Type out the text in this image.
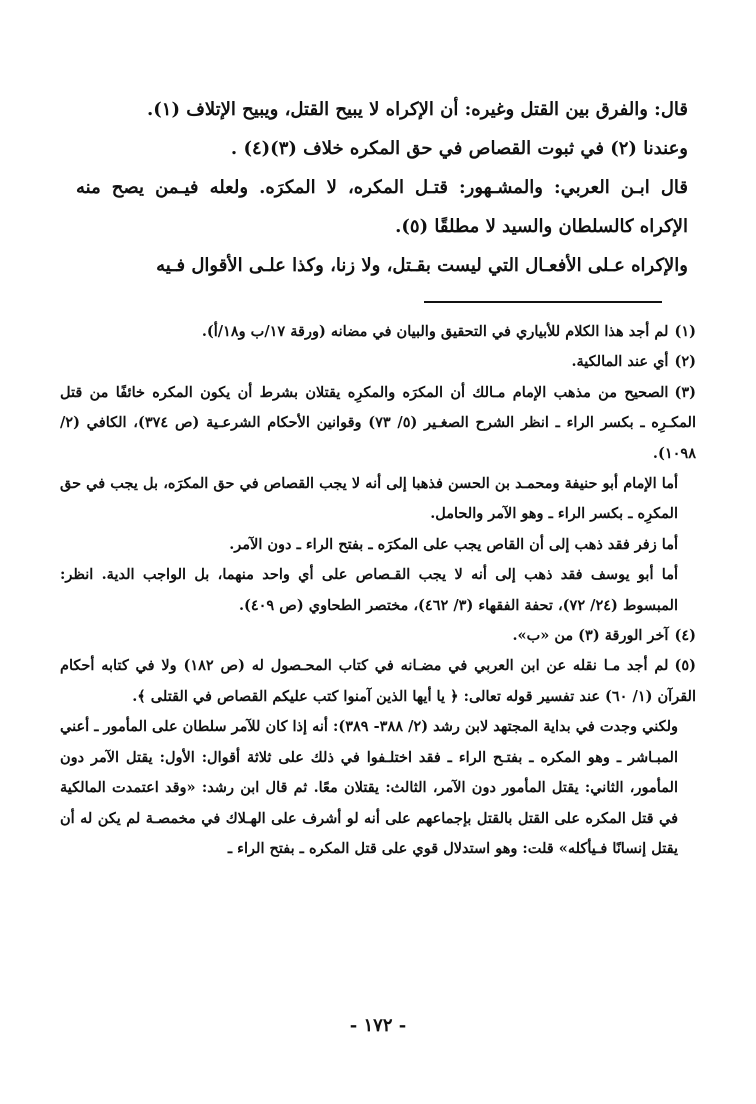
قال: والفرق بين القتل وغيره: أن الإكراه لا يبيح القتل، ويبيح الإتلاف (١).

وعندنا (٢) في ثبوت القصاص في حق المكره خلاف (٣)(٤) .

قال ابـن العربي: والمشـهور: قتـل المكره، لا المكرَه. ولعله فيـمن يصح منه الإكراه كالسلطان والسيد لا مطلقًا (٥).

والإكراه عـلى الأفعـال التي ليست بقـتل، ولا زنا، وكذا علـى الأقوال فـيه

(١)لم أجد هذا الكلام للأبياري في التحقيق والبيان في مضانه (ورقة ١٧/ب و١٨/أ).

(٢)أي عند المالكية.

(٣)الصحيح من مذهب الإمام مـالك أن المكرَه والمكرِه يقتلان بشرط أن يكون المكره خائفًا من قتل المكـرِه ـ بكسر الراء ـ انظر الشرح الصغـير (٥/ ٧٣) وقوانين الأحكام الشرعـية (ص ٣٧٤)، الكافي (٢/ ١٠٩٨).

أما الإمام أبو حنيفة ومحمـد بن الحسن فذهبا إلى أنه لا يجب القصاص في حق المكرَه، بل يجب في حق المكرِه ـ بكسر الراء ـ وهو الآمر والحامل.

أما زفر فقد ذهب إلى أن القاص يجب على المكرَه ـ بفتح الراء ـ دون الآمر.

أما أبو يوسف فقد ذهب إلى أنه لا يجب القـصاص على أي واحد منهما، بل الواجب الدية. انظر: المبسوط (٢٤/ ٧٢)، تحفة الفقهاء (٣/ ٤٦٢)، مختصر الطحاوي (ص ٤٠٩).

(٤)آخر الورقة (٣) من «ب».

(٥)لم أجد مـا نقله عن ابن العربي في مضـانه في كتاب المحـصول له (ص ١٨٢) ولا في كتابه أحكام القرآن (١/ ٦٠) عند تفسير قوله تعالى: ﴿ يا أيها الذين آمنوا كتب عليكم القصاص في القتلى ﴾.

ولكني وجدت في بداية المجتهد لابن رشد (٢/ ٣٨٨- ٣٨٩): أنه إذا كان للآمر سلطان على المأمور ـ أعني المبـاشر ـ وهو المكره ـ بفتـح الراء ـ فقد اختلـفوا في ذلك على ثلاثة أقوال: الأول: يقتل الآمر دون المأمور، الثاني: يقتل المأمور دون الآمر، الثالث: يقتلان معًا. ثم قال ابن رشد: «وقد اعتمدت المالكية في قتل المكره على القتل بالقتل بإجماعهم على أنه لو أشرف على الهـلاك في مخمصـة لم يكن له أن يقتل إنسانًا فـيأكله» قلت: وهو استدلال قوي على قتل المكره ـ بفتح الراء ـ

- ١٧٢ -
